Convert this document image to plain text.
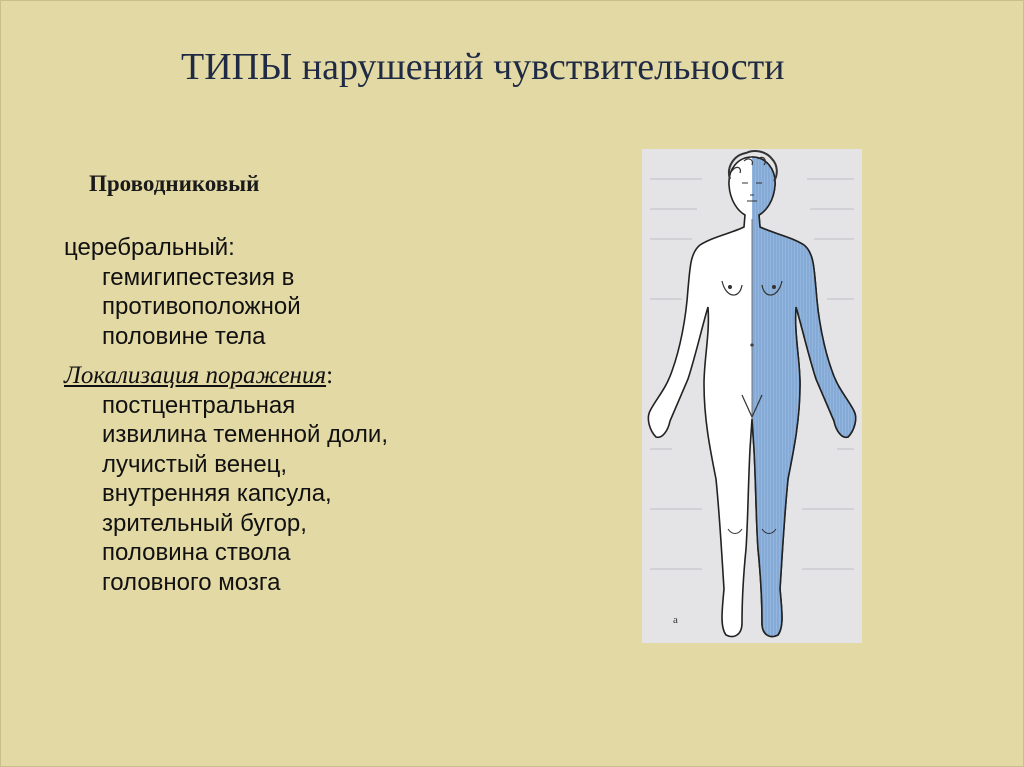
ТИПЫ нарушений чувствительности
Проводниковый
церебральный:
гемигипестезия в
противоположной
половине тела
Локализация поражения:
постцентральная
извилина теменной доли,
лучистый венец,
внутренняя капсула,
зрительный бугор,
половина ствола
головного мозга
а
